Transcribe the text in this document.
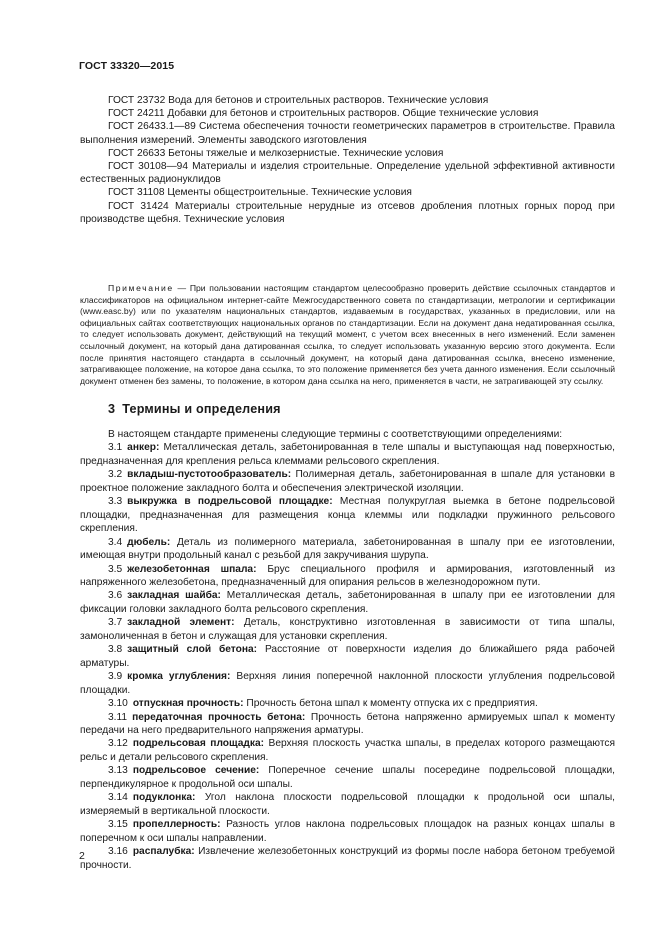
ГОСТ 33320—2015

ГОСТ 23732 Вода для бетонов и строительных растворов. Технические условия

ГОСТ 24211 Добавки для бетонов и строительных растворов. Общие технические условия

ГОСТ 26433.1—89 Система обеспечения точности геометрических параметров в строительстве. Правила выполнения измерений. Элементы заводского изготовления

ГОСТ 26633 Бетоны тяжелые и мелкозернистые. Технические условия

ГОСТ 30108—94 Материалы и изделия строительные. Определение удельной эффективной активности естественных радионуклидов

ГОСТ 31108 Цементы общестроительные. Технические условия

ГОСТ 31424 Материалы строительные нерудные из отсевов дробления плотных горных пород при производстве щебня. Технические условия

Примечание — При пользовании настоящим стандартом целесообразно проверить действие ссылочных стандартов и классификаторов на официальном интернет-сайте Межгосударственного совета по стандартизации, метрологии и сертификации (www.easc.by) или по указателям национальных стандартов, издаваемым в государствах, указанных в предисловии, или на официальных сайтах соответствующих национальных органов по стандартизации. Если на документ дана недатированная ссылка, то следует использовать документ, действующий на текущий момент, с учетом всех внесенных в него изменений. Если заменен ссылочный документ, на который дана датированная ссылка, то следует использовать указанную версию этого документа. Если после принятия настоящего стандарта в ссылочный документ, на который дана датированная ссылка, внесено изменение, затрагивающее положение, на которое дана ссылка, то это положение применяется без учета данного изменения. Если ссылочный документ отменен без замены, то положение, в котором дана ссылка на него, применяется в части, не затрагивающей эту ссылку.

3 Термины и определения

В настоящем стандарте применены следующие термины с соответствующими определениями:

3.1 анкер: Металлическая деталь, забетонированная в теле шпалы и выступающая над поверхностью, предназначенная для крепления рельса клеммами рельсового скрепления.

3.2 вкладыш-пустотообразователь: Полимерная деталь, забетонированная в шпале для установки в проектное положение закладного болта и обеспечения электрической изоляции.

3.3 выкружка в подрельсовой площадке: Местная полукруглая выемка в бетоне подрельсовой площадки, предназначенная для размещения конца клеммы или подкладки пружинного рельсового скрепления.

3.4 дюбель: Деталь из полимерного материала, забетонированная в шпалу при ее изготовлении, имеющая внутри продольный канал с резьбой для закручивания шурупа.

3.5 железобетонная шпала: Брус специального профиля и армирования, изготовленный из напряженного железобетона, предназначенный для опирания рельсов в железнодорожном пути.

3.6 закладная шайба: Металлическая деталь, забетонированная в шпалу при ее изготовлении для фиксации головки закладного болта рельсового скрепления.

3.7 закладной элемент: Деталь, конструктивно изготовленная в зависимости от типа шпалы, замоноличенная в бетон и служащая для установки скрепления.

3.8 защитный слой бетона: Расстояние от поверхности изделия до ближайшего ряда рабочей арматуры.

3.9 кромка углубления: Верхняя линия поперечной наклонной плоскости углубления подрельсовой площадки.

3.10 отпускная прочность: Прочность бетона шпал к моменту отпуска их с предприятия.

3.11 передаточная прочность бетона: Прочность бетона напряженно армируемых шпал к моменту передачи на него предварительного напряжения арматуры.

3.12 подрельсовая площадка: Верхняя плоскость участка шпалы, в пределах которого размещаются рельс и детали рельсового скрепления.

3.13 подрельсовое сечение: Поперечное сечение шпалы посередине подрельсовой площадки, перпендикулярное к продольной оси шпалы.

3.14 подуклонка: Угол наклона плоскости подрельсовой площадки к продольной оси шпалы, измеряемый в вертикальной плоскости.

3.15 пропеллерность: Разность углов наклона подрельсовых площадок на разных концах шпалы в поперечном к оси шпалы направлении.

3.16 распалубка: Извлечение железобетонных конструкций из формы после набора бетоном требуемой прочности.

2
